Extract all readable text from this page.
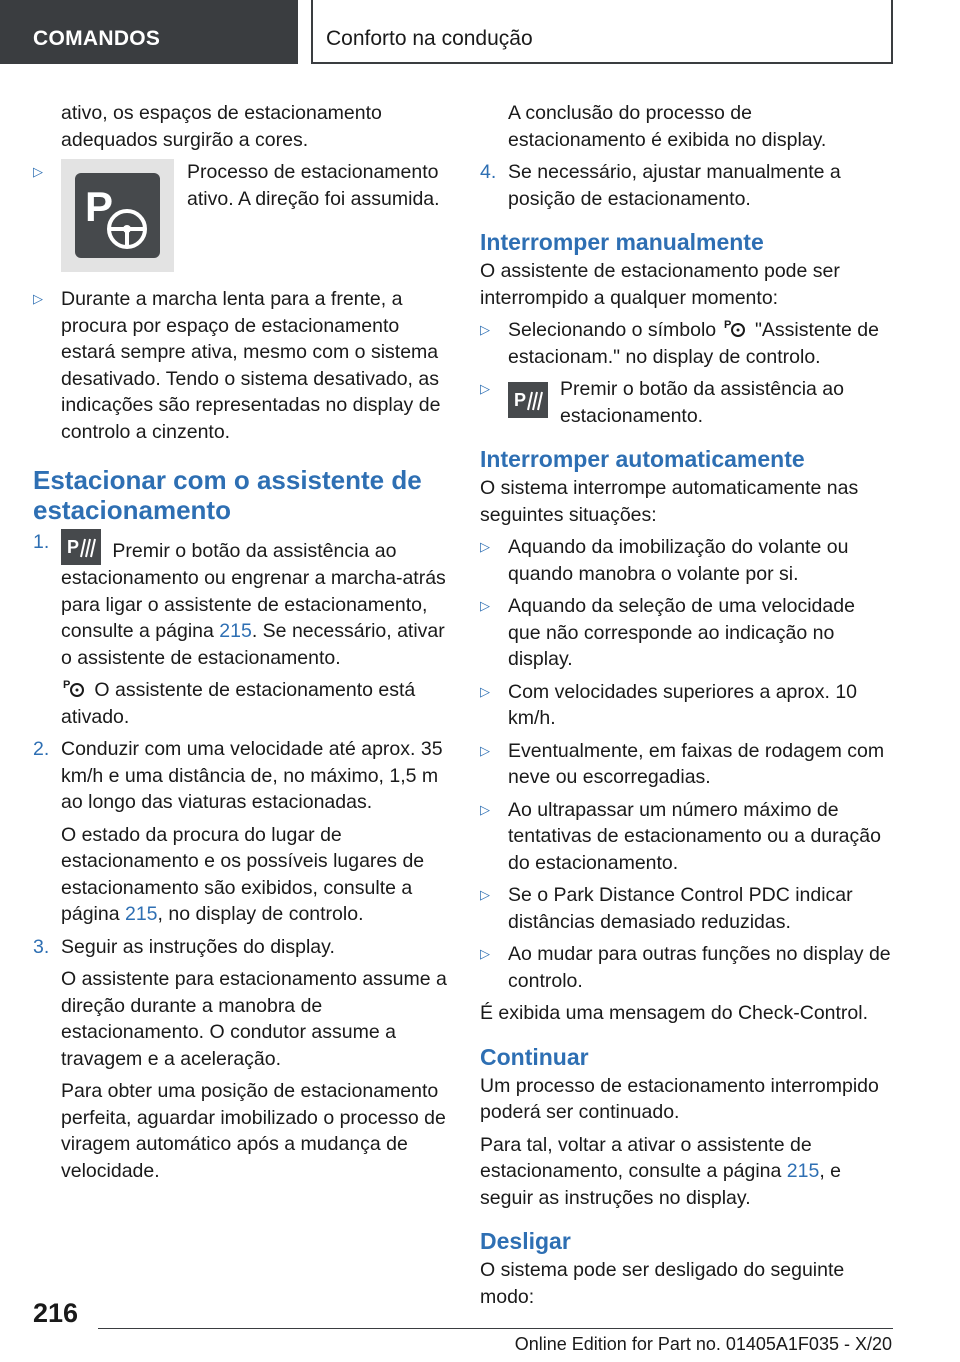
COMANDOS	Conforto na condução

ativo, os espaços de estacionamento adequados surgirão a cores.

▷
P
Processo de estacionamento ativo. A direção foi assumida.
▷ Durante a marcha lenta para a frente, a procura por espaço de estacionamento estará sempre ativa, mesmo com o sistema desativado. Tendo o sistema desativado, as indicações são representadas no display de controlo a cinzento.
Estacionar com o assistente de estacionamento
1. P Premir o botão da assistência ao estacionamento ou engrenar a marcha-atrás para ligar o assistente de estacionamento, consulte a página 215. Se necessário, ativar o assistente de estacionamento.

P O assistente de estacionamento está ativado.

2. Conduzir com uma velocidade até aprox. 35 km/h e uma distância de, no máximo, 1,5 m ao longo das viaturas estacionadas.

O estado da procura do lugar de estacionamento e os possíveis lugares de estacionamento são exibidos, consulte a página 215, no display de controlo.

3. Seguir as instruções do display.

O assistente para estacionamento assume a direção durante a manobra de estacionamento. O condutor assume a travagem e a aceleração.

Para obter uma posição de estacionamento perfeita, aguardar imobilizado o processo de viragem automático após a mudança de velocidade.

A conclusão do processo de estacionamento é exibida no display.

4. Se necessário, ajustar manualmente a posição de estacionamento.
Interromper manualmente

O assistente de estacionamento pode ser interrompido a qualquer momento:

▷ Selecionando o símbolo P "Assistente de estacionam." no display de controlo.
▷
P Premir o botão da assistência ao estacionamento.
Interromper automaticamente

O sistema interrompe automaticamente nas seguintes situações:

▷ Aquando da imobilização do volante ou quando manobra o volante por si.
▷ Aquando da seleção de uma velocidade que não corresponde ao indicação no display.
▷ Com velocidades superiores a aprox. 10 km/h.
▷ Eventualmente, em faixas de rodagem com neve ou escorregadias.
▷ Ao ultrapassar um número máximo de tentativas de estacionamento ou a duração do estacionamento.
▷ Se o Park Distance Control PDC indicar distâncias demasiado reduzidas.
▷ Ao mudar para outras funções no display de controlo.

É exibida uma mensagem do Check-Control.

Continuar

Um processo de estacionamento interrompido poderá ser continuado.

Para tal, voltar a ativar o assistente de estacionamento, consulte a página 215, e seguir as instruções no display.

Desligar

O sistema pode ser desligado do seguinte modo:

216
Online Edition for Part no. 01405A1F035 - X/20
